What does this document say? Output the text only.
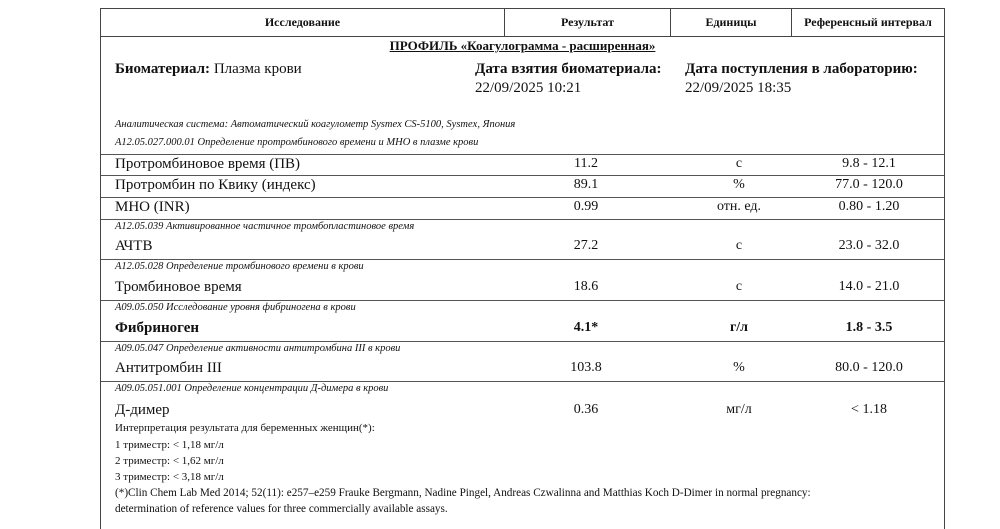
Исследование	Результат	Единицы	Референсный интервал
ПРОФИЛЬ «Коагулограмма - расширенная»
Биоматериал: Плазма крови	Дата взятия биоматериала:
22/09/2025 10:21
Дата поступления в лабораторию:
22/09/2025 18:35
Аналитическая система: Автоматический коагулометр Sysmex CS-5100, Sysmex, Япония
A12.05.027.000.01 Определение протромбинового времени и МНО в плазме крови
Протромбиновое время (ПВ)	11.2	с	9.8 - 12.1
Протромбин по Квику (индекс)	89.1	%	77.0 - 120.0
МНО (INR)	0.99	отн. ед.	0.80 - 1.20
A12.05.039 Активированное частичное тромбопластиновое время
АЧТВ	27.2	с	23.0 - 32.0
A12.05.028 Определение тромбинового времени в крови
Тромбиновое время	18.6	с	14.0 - 21.0
A09.05.050 Исследование уровня фибриногена в крови
Фибриноген	4.1*	г/л	1.8 - 3.5
A09.05.047 Определение активности антитромбина III в крови
Антитромбин III	103.8	%	80.0 - 120.0
A09.05.051.001 Определение концентрации Д-димера в крови
Д-димер	0.36	мг/л	< 1.18
Интерпретация результата для беременных женщин(*):
1 триместр: < 1,18 мг/л
2 триместр: < 1,62 мг/л
3 триместр: < 3,18 мг/л
(*)Clin Chem Lab Med 2014; 52(11): e257–e259 Frauke Bergmann, Nadine Pingel, Andreas Czwalinna and Matthias Koch D-Dimer in normal pregnancy:
determination of reference values for three commercially available assays.
